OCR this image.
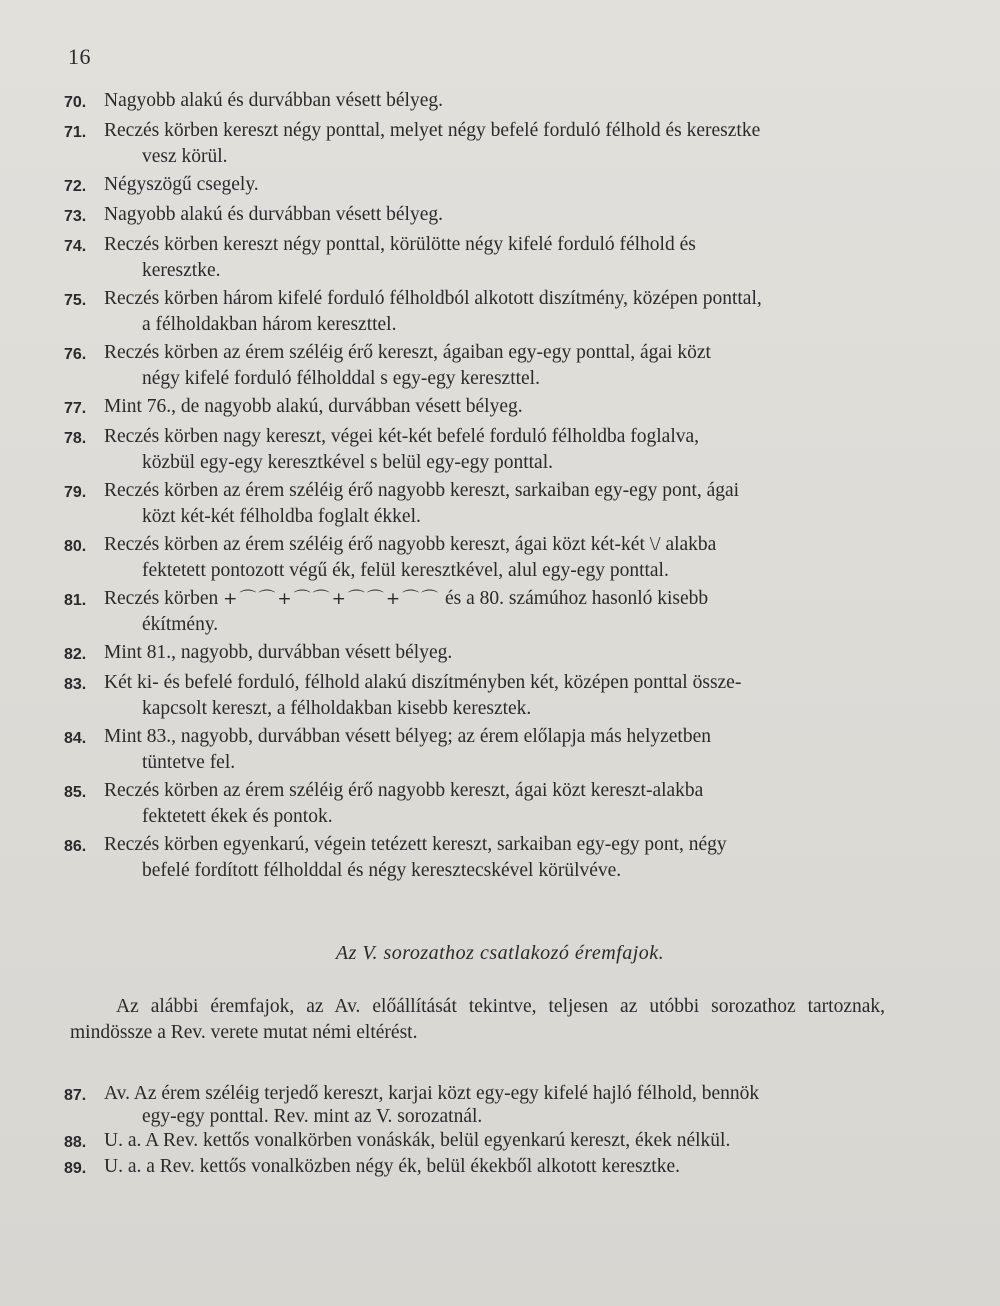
16
70. Nagyobb alakú és durvábban vésett bélyeg.
71. Reczés körben kereszt négy ponttal, melyet négy befelé forduló félhold és keresztke
vesz körül.
72. Négyszögű csegely.
73. Nagyobb alakú és durvábban vésett bélyeg.
74. Reczés körben kereszt négy ponttal, körülötte négy kifelé forduló félhold és
keresztke.
75. Reczés körben három kifelé forduló félholdból alkotott diszítmény, középen ponttal,
a félholdakban három kereszttel.
76. Reczés körben az érem széléig érő kereszt, ágaiban egy-egy ponttal, ágai közt
négy kifelé forduló félholddal s egy-egy kereszttel.
77. Mint 76., de nagyobb alakú, durvábban vésett bélyeg.
78. Reczés körben nagy kereszt, végei két-két befelé forduló félholdba foglalva,
közbül egy-egy keresztkével s belül egy-egy ponttal.
79. Reczés körben az érem széléig érő nagyobb kereszt, sarkaiban egy-egy pont, ágai
közt két-két félholdba foglalt ékkel.
80. Reczés körben az érem széléig érő nagyobb kereszt, ágai közt két-két \/ alakba
fektetett pontozott végű ék, felül keresztkével, alul egy-egy ponttal.
81. Reczés körben +⌒⌒+⌒⌒+⌒⌒+⌒⌒ és a 80. számúhoz hasonló kisebb
ékítmény.
82. Mint 81., nagyobb, durvábban vésett bélyeg.
83. Két ki- és befelé forduló, félhold alakú diszítményben két, középen ponttal össze-
kapcsolt kereszt, a félholdakban kisebb keresztek.
84. Mint 83., nagyobb, durvábban vésett bélyeg; az érem előlapja más helyzetben
tüntetve fel.
85. Reczés körben az érem széléig érő nagyobb kereszt, ágai közt kereszt-alakba
fektetett ékek és pontok.
86. Reczés körben egyenkarú, végein tetézett kereszt, sarkaiban egy-egy pont, négy
befelé fordított félholddal és négy keresztecskével körülvéve.
Az V. sorozathoz csatlakozó éremfajok.
Az alábbi éremfajok, az Av. előállítását tekintve, teljesen az utóbbi sorozathoz tartoznak, mindössze a Rev. verete mutat némi eltérést.
87. Av. Az érem széléig terjedő kereszt, karjai közt egy-egy kifelé hajló félhold, bennök
egy-egy ponttal. Rev. mint az V. sorozatnál.
88. U. a. A Rev. kettős vonalkörben vonáskák, belül egyenkarú kereszt, ékek nélkül.
89. U. a. a Rev. kettős vonalközben négy ék, belül ékekből alkotott keresztke.
